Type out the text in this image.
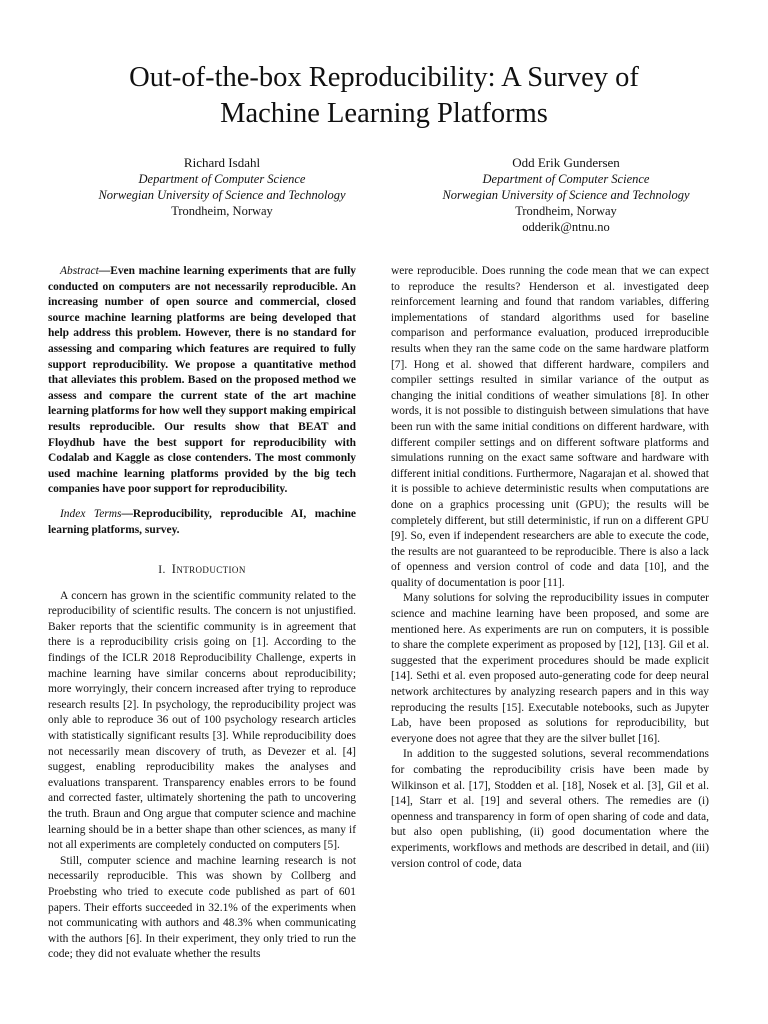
Out-of-the-box Reproducibility: A Survey of
Machine Learning Platforms
Richard Isdahl
Department of Computer Science
Norwegian University of Science and Technology
Trondheim, Norway
Odd Erik Gundersen
Department of Computer Science
Norwegian University of Science and Technology
Trondheim, Norway
odderik@ntnu.no

Abstract—Even machine learning experiments that are fully conducted on computers are not necessarily reproducible. An increasing number of open source and commercial, closed source machine learning platforms are being developed that help address this problem. However, there is no standard for assessing and comparing which features are required to fully support reproducibility. We propose a quantitative method that alleviates this problem. Based on the proposed method we assess and compare the current state of the art machine learning platforms for how well they support making empirical results reproducible. Our results show that BEAT and Floydhub have the best support for reproducibility with Codalab and Kaggle as close contenders. The most commonly used machine learning platforms provided by the big tech companies have poor support for reproducibility.

Index Terms—Reproducibility, reproducible AI, machine learning platforms, survey.

I. Introduction

A concern has grown in the scientific community related to the reproducibility of scientific results. The concern is not unjustified. Baker reports that the scientific community is in agreement that there is a reproducibility crisis going on [1]. According to the findings of the ICLR 2018 Reproducibility Challenge, experts in machine learning have similar concerns about reproducibility; more worryingly, their concern increased after trying to reproduce research results [2]. In psychology, the reproducibility project was only able to reproduce 36 out of 100 psychology research articles with statistically significant results [3]. While reproducibility does not necessarily mean discovery of truth, as Devezer et al. [4] suggest, enabling reproducibility makes the analyses and evaluations transparent. Transparency enables errors to be found and corrected faster, ultimately shortening the path to uncovering the truth. Braun and Ong argue that computer science and machine learning should be in a better shape than other sciences, as many if not all experiments are completely conducted on computers [5].

Still, computer science and machine learning research is not necessarily reproducible. This was shown by Collberg and Proebsting who tried to execute code published as part of 601 papers. Their efforts succeeded in 32.1% of the experiments when not communicating with authors and 48.3% when communicating with the authors [6]. In their experiment, they only tried to run the code; they did not evaluate whether the results

were reproducible. Does running the code mean that we can expect to reproduce the results? Henderson et al. investigated deep reinforcement learning and found that random variables, differing implementations of standard algorithms used for baseline comparison and performance evaluation, produced irreproducible results when they ran the same code on the same hardware platform [7]. Hong et al. showed that different hardware, compilers and compiler settings resulted in similar variance of the output as changing the initial conditions of weather simulations [8]. In other words, it is not possible to distinguish between simulations that have been run with the same initial conditions on different hardware, with different compiler settings and on different software platforms and simulations running on the exact same software and hardware with different initial conditions. Furthermore, Nagarajan et al. showed that it is possible to achieve deterministic results when computations are done on a graphics processing unit (GPU); the results will be completely different, but still deterministic, if run on a different GPU [9]. So, even if independent researchers are able to execute the code, the results are not guaranteed to be reproducible. There is also a lack of openness and version control of code and data [10], and the quality of documentation is poor [11].

Many solutions for solving the reproducibility issues in computer science and machine learning have been proposed, and some are mentioned here. As experiments are run on computers, it is possible to share the complete experiment as proposed by [12], [13]. Gil et al. suggested that the experiment procedures should be made explicit [14]. Sethi et al. even proposed auto-generating code for deep neural network architectures by analyzing research papers and in this way reproducing the results [15]. Executable notebooks, such as Jupyter Lab, have been proposed as solutions for reproducibility, but everyone does not agree that they are the silver bullet [16].

In addition to the suggested solutions, several recommendations for combating the reproducibility crisis have been made by Wilkinson et al. [17], Stodden et al. [18], Nosek et al. [3], Gil et al. [14], Starr et al. [19] and several others. The remedies are (i) openness and transparency in form of open sharing of code and data, but also open publishing, (ii) good documentation where the experiments, workflows and methods are described in detail, and (iii) version control of code, data
